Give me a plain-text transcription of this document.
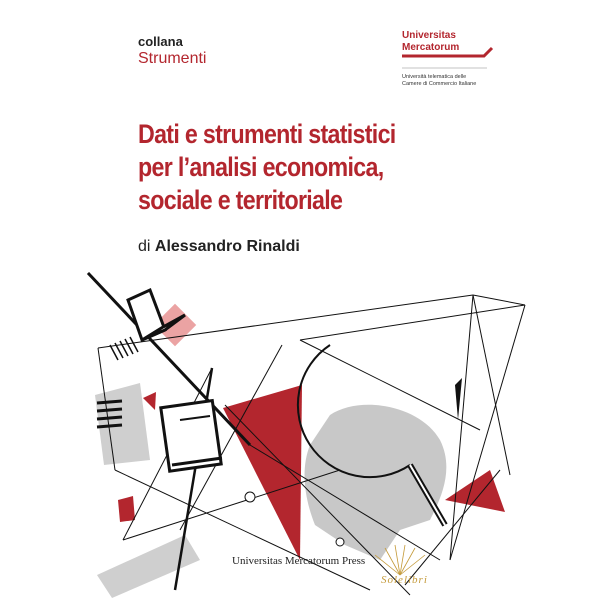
collana
Strumenti
Universitas
Mercatorum
Università telematica delle
Camere di Commercio Italiane
Dati e strumenti statistici
per l’analisi economica,
sociale e territoriale
di Alessandro Rinaldi
Universitas Mercatorum Press
Solelibri
